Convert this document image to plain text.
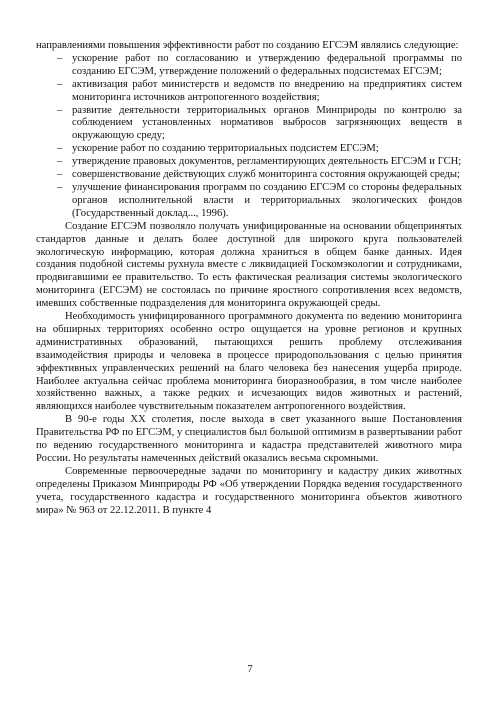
направлениями повышения эффективности работ по созданию ЕГСЭМ являлись следующие:

– ускорение работ по согласованию и утверждению федеральной программы по созданию ЕГСЭМ, утверждение положений о федеральных подсистемах ЕГСЭМ;
– активизация работ министерств и ведомств по внедрению на предприятиях систем мониторинга источников антропогенного воздействия;
– развитие деятельности территориальных органов Минприроды по контролю за соблюдением установленных нормативов выбросов загрязняющих веществ в окружающую среду;
– ускорение работ по созданию территориальных подсистем ЕГСЭМ;
– утверждение правовых документов, регламентирующих деятельность ЕГСЭМ и ГСН;
– совершенствование действующих служб мониторинга состояния окружающей среды;
– улучшение финансирования программ по созданию ЕГСЭМ со стороны федеральных органов исполнительной власти и территориальных экологических фондов (Государственный доклад..., 1996).

Создание ЕГСЭМ позволяло получать унифицированные на основании общепринятых стандартов данные и делать более доступной для широкого круга пользователей экологическую информацию, которая должна храниться в общем банке данных. Идея создания подобной системы рухнула вместе с ликвидацией Госкомэкологии и сотрудниками, продвигавшими ее правительство. То есть фактическая реализация системы экологического мониторинга (ЕГСЭМ) не состоялась по причине яростного сопротивления всех ведомств, имевших собственные подразделения для мониторинга окружающей среды.

Необходимость унифицированного программного документа по ведению мониторинга на обширных территориях особенно остро ощущается на уровне регионов и крупных административных образований, пытающихся решить проблему отслеживания взаимодействия природы и человека в процессе природопользования с целью принятия эффективных управленческих решений на благо человека без нанесения ущерба природе. Наиболее актуальна сейчас проблема мониторинга биоразнообразия, в том числе наиболее хозяйственно важных, а также редких и исчезающих видов животных и растений, являющихся наиболее чувствительным показателем антропогенного воздействия.

В 90-е годы XX столетия, после выхода в свет указанного выше Постановления Правительства РФ по ЕГСЭМ, у специалистов был большой оптимизм в развертывании работ по ведению государственного мониторинга и кадастра представителей животного мира России. Но результаты намеченных действий оказались весьма скромными.

Современные первоочередные задачи по мониторингу и кадастру диких животных определены Приказом Минприроды РФ «Об утверждении Порядка ведения государственного учета, государственного кадастра и государственного мониторинга объектов животного мира» № 963 от 22.12.2011. В пункте 4

7
